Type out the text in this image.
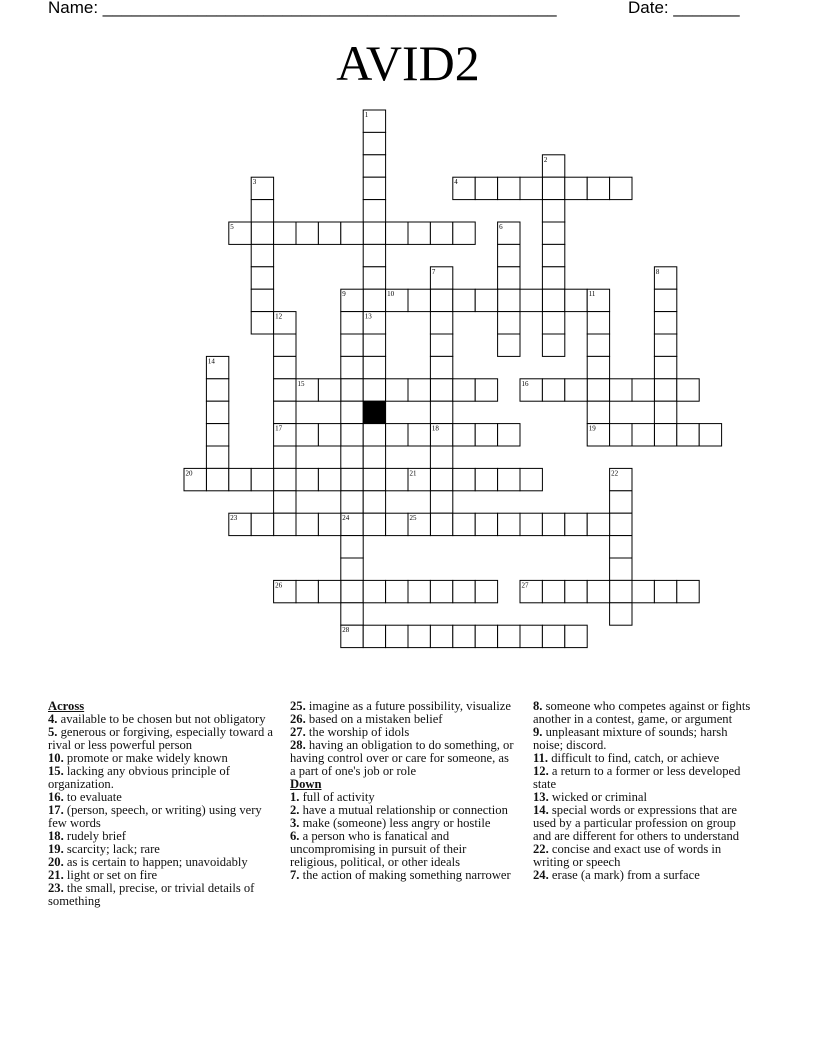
Name: ________________________________________________	Date: _______
AVID2
1
2
3	4
5	6
7	8
9	10	11
12	13
14
15	16
17	18	19
20	21	22
23	24	25
26	27
28

Across

4. available to be chosen but not obligatory

5. generous or forgiving, especially toward a rival or less powerful person

10. promote or make widely known

15. lacking any obvious principle of organization.

16. to evaluate

17. (person, speech, or writing) using very few words

18. rudely brief

19. scarcity; lack; rare

20. as is certain to happen; unavoidably

21. light or set on fire

23. the small, precise, or trivial details of something

25. imagine as a future possibility, visualize

26. based on a mistaken belief

27. the worship of idols

28. having an obligation to do something, or having control over or care for someone, as a part of one's job or role

Down

1. full of activity

2. have a mutual relationship or connection

3. make (someone) less angry or hostile

6. a person who is fanatical and uncompromising in pursuit of their religious, political, or other ideals

7. the action of making something narrower

8. someone who competes against or fights another in a contest, game, or argument

9. unpleasant mixture of sounds; harsh noise; discord.

11. difficult to find, catch, or achieve

12. a return to a former or less developed state

13. wicked or criminal

14. special words or expressions that are used by a particular profession on group and are different for others to understand

22. concise and exact use of words in writing or speech

24. erase (a mark) from a surface
